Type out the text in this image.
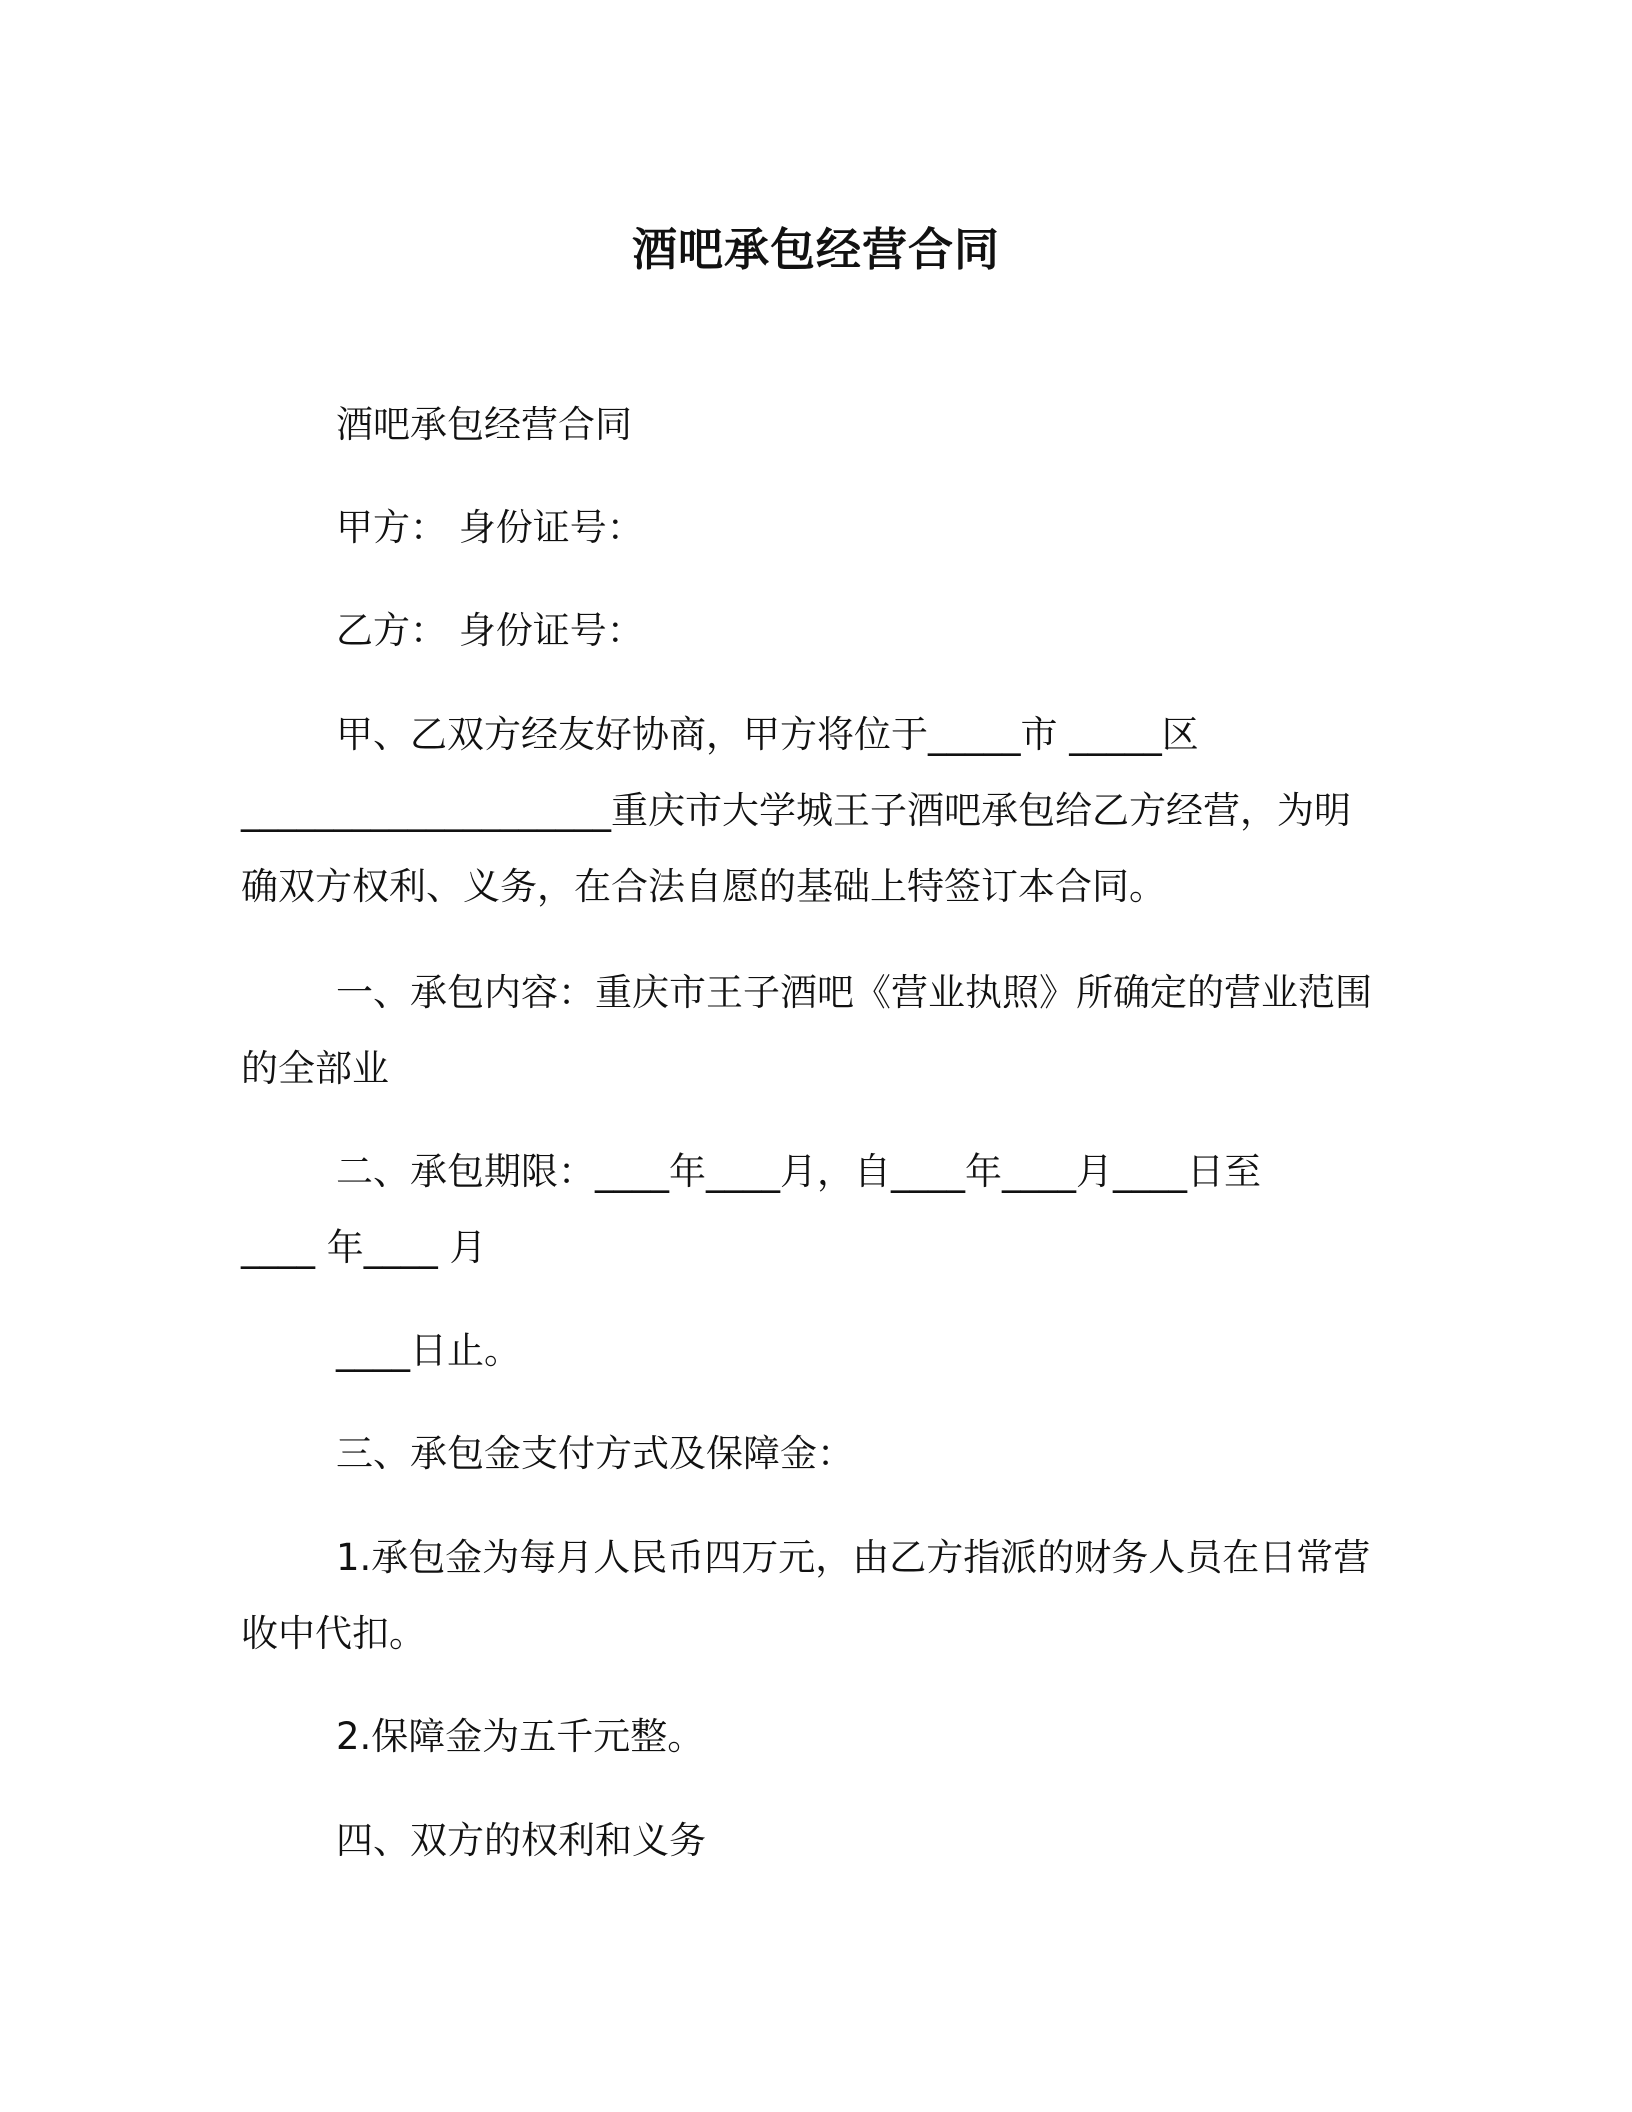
酒吧承包经营合同
酒吧承包经营合同
甲方： 身份证号：
乙方： 身份证号：
甲、乙双方经友好协商，甲方将位于_____市 _____区
____________________重庆市大学城王子酒吧承包给乙方经营，为明
确双方权利、义务，在合法自愿的基础上特签订本合同。
一、承包内容：重庆市王子酒吧《营业执照》所确定的营业范围
的全部业
二、承包期限：____年____月，自____年____月____日至
____ 年____ 月
____日止。
三、承包金支付方式及保障金：
1.承包金为每月人民币四万元，由乙方指派的财务人员在日常营
收中代扣。
2.保障金为五千元整。
四、双方的权利和义务
